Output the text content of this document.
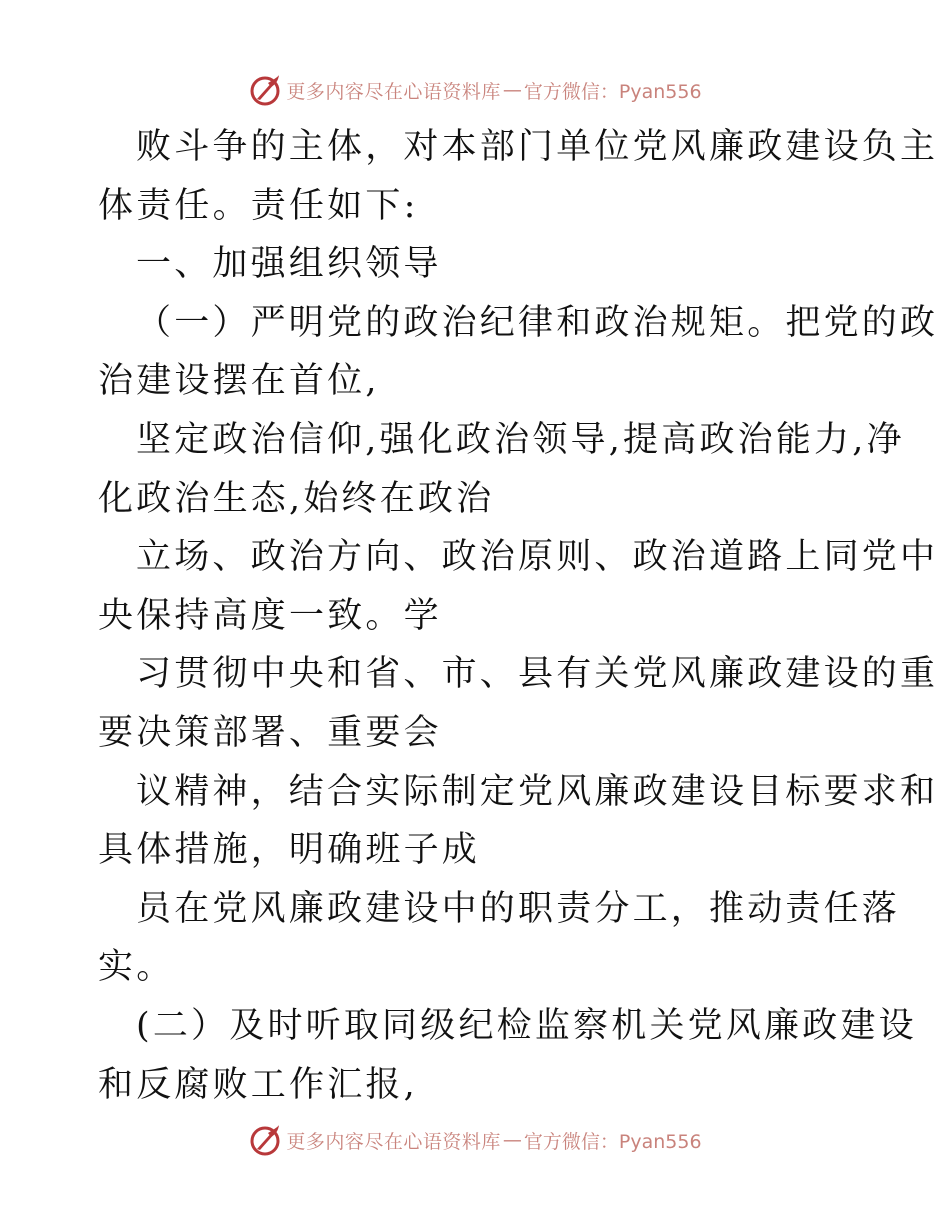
更多内容尽在心语资料库 — 官方微信：Pyan556
败斗争的主体，对本部门单位党风廉政建设负主
体责任。责任如下:
一、加强组织领导
（一）严明党的政治纪律和政治规矩。把党的政
治建设摆在首位,
坚定政治信仰,强化政治领导,提高政治能力,净
化政治生态,始终在政治
立场、政治方向、政治原则、政治道路上同党中
央保持高度一致。学
习贯彻中央和省、市、县有关党风廉政建设的重
要决策部署、重要会
议精神，结合实际制定党风廉政建设目标要求和
具体措施，明确班子成
员在党风廉政建设中的职责分工，推动责任落
实。
(二）及时听取同级纪检监察机关党风廉政建设
和反腐败工作汇报,
更多内容尽在心语资料库 — 官方微信：Pyan556
